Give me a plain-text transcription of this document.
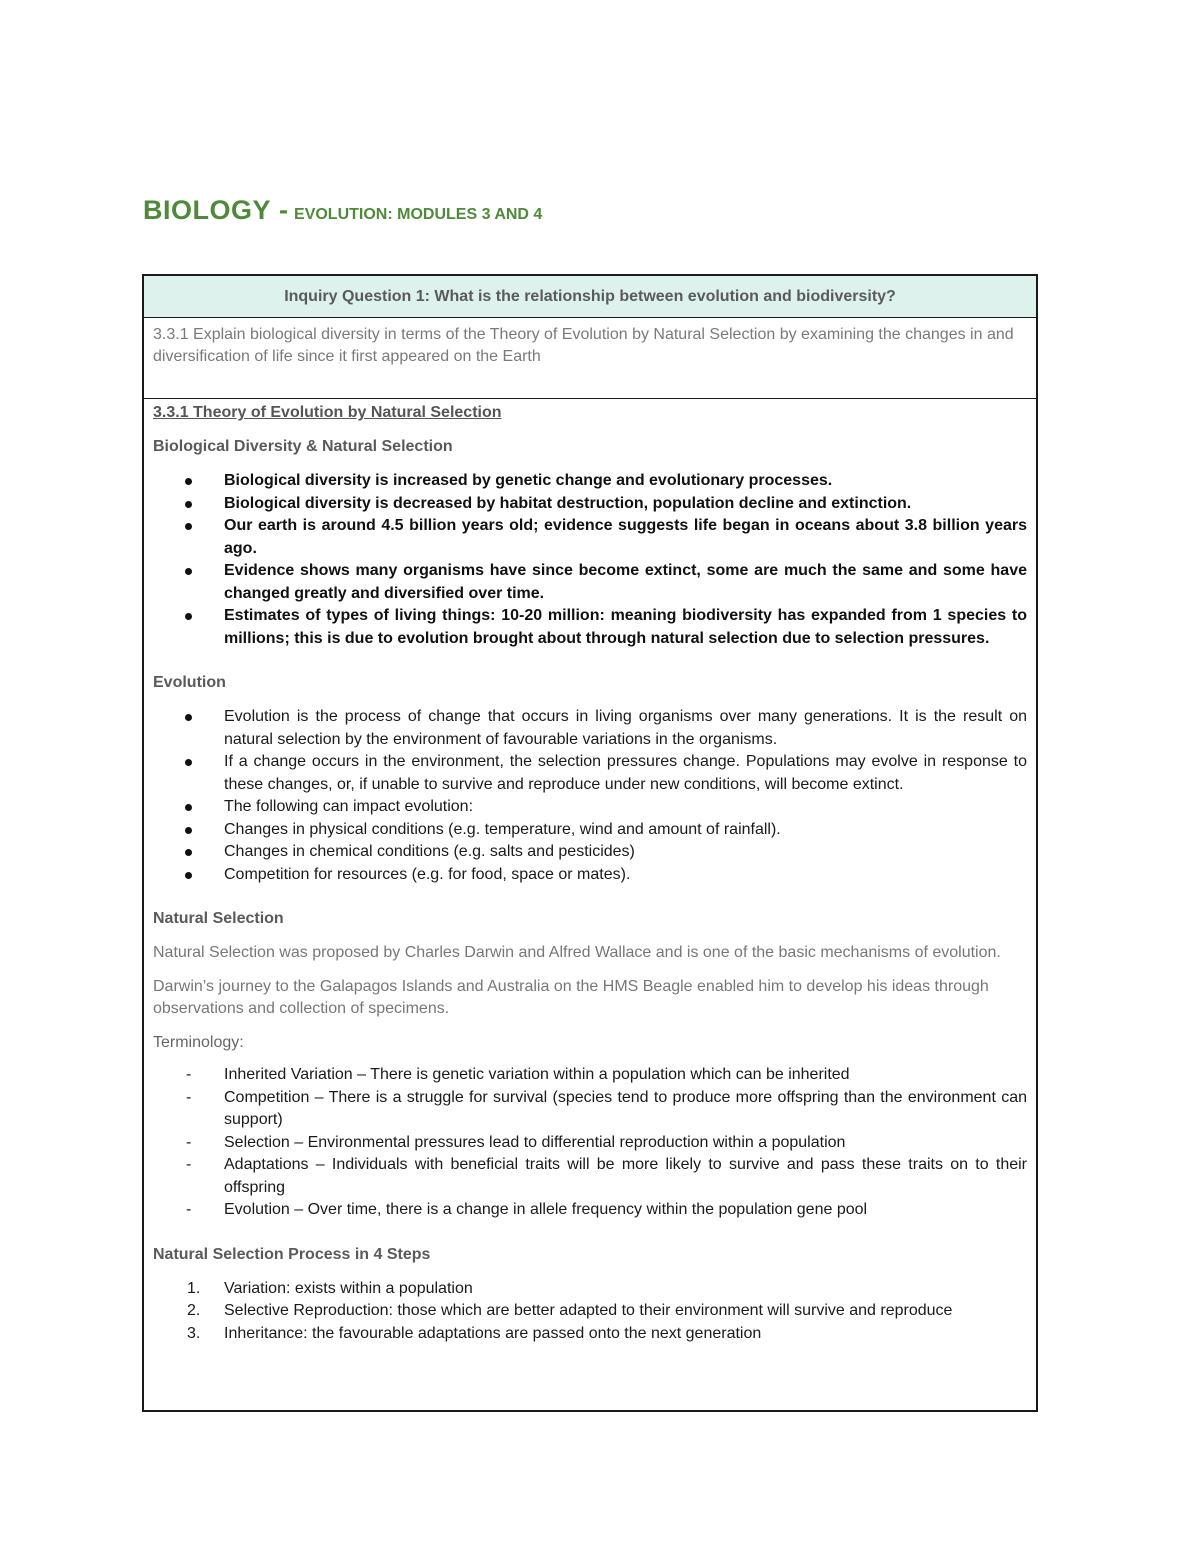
BIOLOGY - EVOLUTION: MODULES 3 AND 4
Inquiry Question 1: What is the relationship between evolution and biodiversity?
3.3.1 Explain biological diversity in terms of the Theory of Evolution by Natural Selection by examining the changes in and diversification of life since it first appeared on the Earth

3.3.1 Theory of Evolution by Natural Selection

Biological Diversity & Natural Selection
Biological diversity is increased by genetic change and evolutionary processes.
Biological diversity is decreased by habitat destruction, population decline and extinction.
Our earth is around 4.5 billion years old; evidence suggests life began in oceans about 3.8 billion years ago.
Evidence shows many organisms have since become extinct, some are much the same and some have changed greatly and diversified over time.
Estimates of types of living things: 10-20 million: meaning biodiversity has expanded from 1 species to millions; this is due to evolution brought about through natural selection due to selection pressures.
Evolution
Evolution is the process of change that occurs in living organisms over many generations. It is the result on natural selection by the environment of favourable variations in the organisms.
If a change occurs in the environment, the selection pressures change. Populations may evolve in response to these changes, or, if unable to survive and reproduce under new conditions, will become extinct.
The following can impact evolution:
Changes in physical conditions (e.g. temperature, wind and amount of rainfall).
Changes in chemical conditions (e.g. salts and pesticides)
Competition for resources (e.g. for food, space or mates).
Natural Selection

Natural Selection was proposed by Charles Darwin and Alfred Wallace and is one of the basic mechanisms of evolution.

Darwin’s journey to the Galapagos Islands and Australia on the HMS Beagle enabled him to develop his ideas through observations and collection of specimens.

Terminology:
- Inherited Variation – There is genetic variation within a population which can be inherited
- Competition – There is a struggle for survival (species tend to produce more offspring than the environment can support)
- Selection – Environmental pressures lead to differential reproduction within a population
- Adaptations – Individuals with beneficial traits will be more likely to survive and pass these traits on to their offspring
- Evolution – Over time, there is a change in allele frequency within the population gene pool
Natural Selection Process in 4 Steps
1. Variation: exists within a population
2. Selective Reproduction: those which are better adapted to their environment will survive and reproduce
3. Inheritance: the favourable adaptations are passed onto the next generation
